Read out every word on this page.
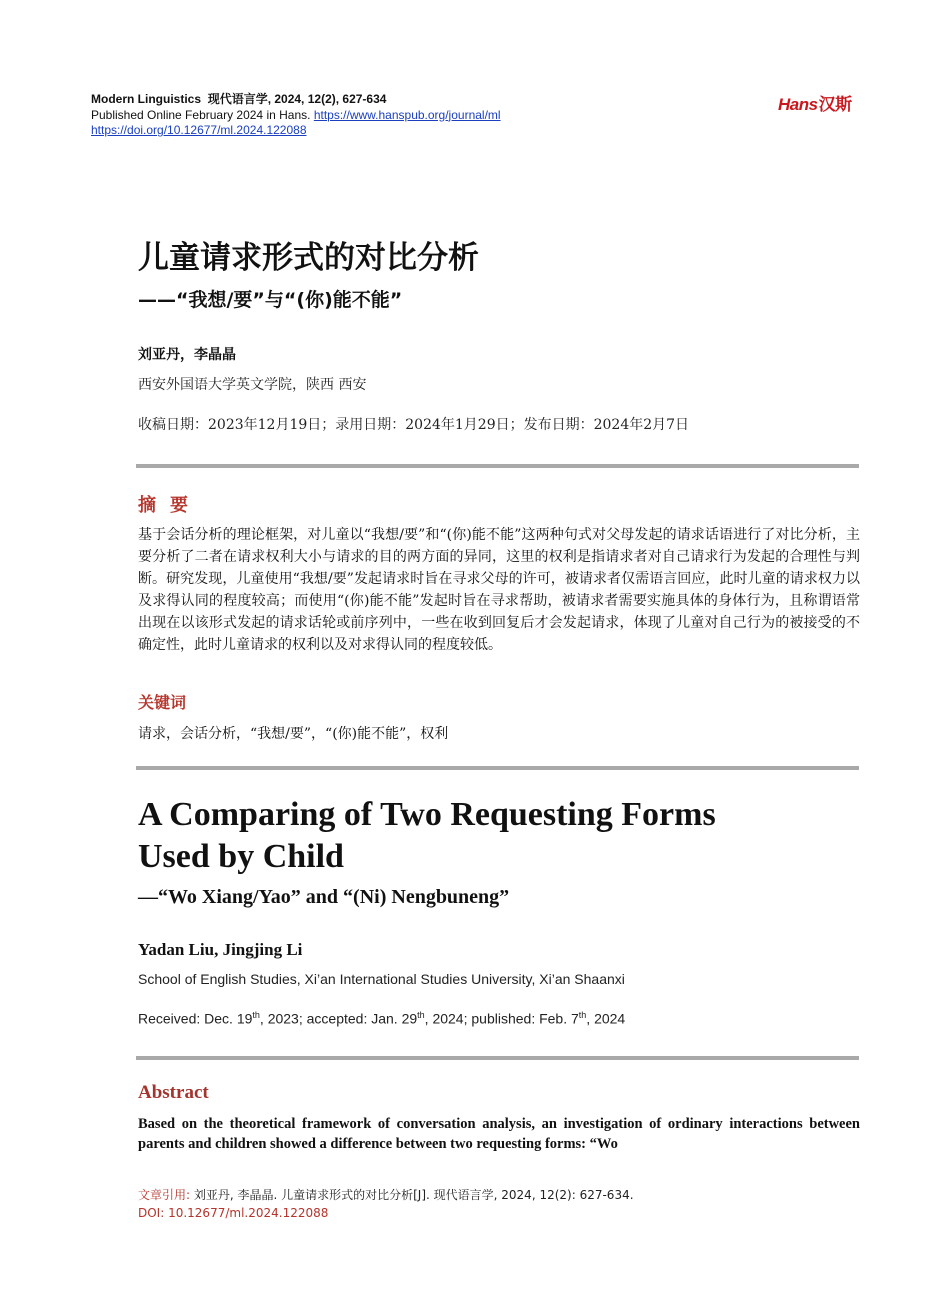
Modern Linguistics 现代语言学, 2024, 12(2), 627-634
Published Online February 2024 in Hans. https://www.hanspub.org/journal/ml
https://doi.org/10.12677/ml.2024.122088
Hans汉斯
儿童请求形式的对比分析
——“我想/要”与“(你)能不能”
刘亚丹，李晶晶
西安外国语大学英文学院，陕西 西安
收稿日期：2023年12月19日；录用日期：2024年1月29日；发布日期：2024年2月7日
摘要
基于会话分析的理论框架，对儿童以“我想/要”和“(你)能不能”这两种句式对父母发起的请求话语进行了对比分析，主要分析了二者在请求权利大小与请求的目的两方面的异同，这里的权利是指请求者对自己请求行为发起的合理性与判断。研究发现，儿童使用“我想/要”发起请求时旨在寻求父母的许可，被请求者仅需语言回应，此时儿童的请求权力以及求得认同的程度较高；而使用“(你)能不能”发起时旨在寻求帮助，被请求者需要实施具体的身体行为，且称谓语常出现在以该形式发起的请求话轮或前序列中，一些在收到回复后才会发起请求，体现了儿童对自己行为的被接受的不确定性，此时儿童请求的权利以及对求得认同的程度较低。
关键词
请求，会话分析，“我想/要”，“(你)能不能”，权利
A Comparing of Two Requesting Forms Used by Child
—“Wo Xiang/Yao” and “(Ni) Nengbuneng”
Yadan Liu, Jingjing Li
School of English Studies, Xi’an International Studies University, Xi’an Shaanxi
Received: Dec. 19th, 2023; accepted: Jan. 29th, 2024; published: Feb. 7th, 2024
Abstract
Based on the theoretical framework of conversation analysis, an investigation of ordinary interactions between parents and children showed a difference between two requesting forms: “Wo
文章引用: 刘亚丹, 李晶晶. 儿童请求形式的对比分析[J]. 现代语言学, 2024, 12(2): 627-634.
DOI: 10.12677/ml.2024.122088
